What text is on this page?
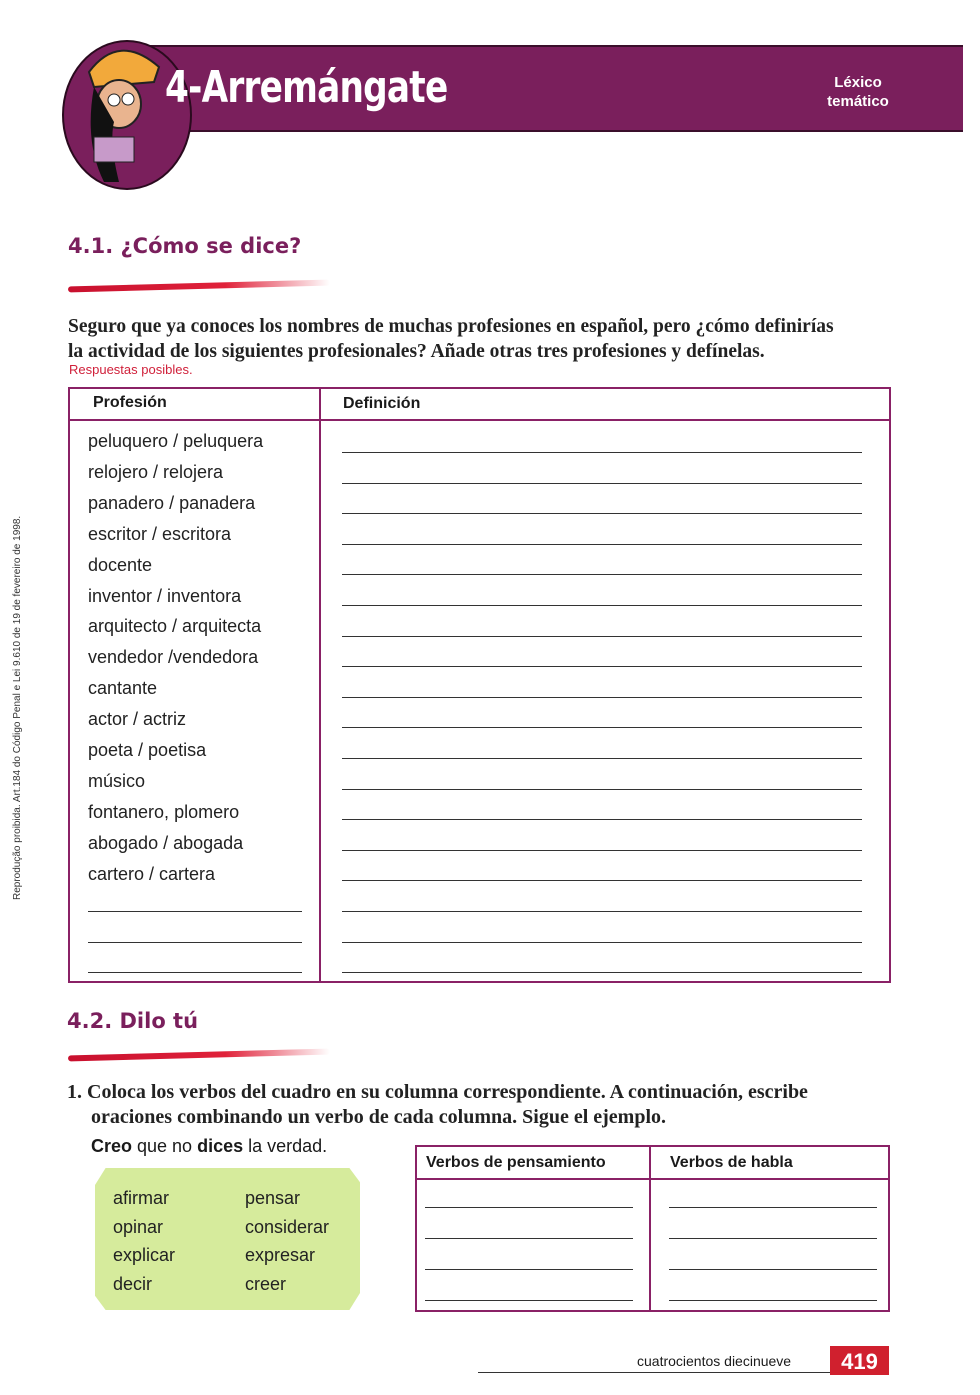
Reprodução proibida. Art.184 do Código Penal e Lei 9.610 de 19 de fevereiro de 1998.
4-Arremángate	Léxico
temático
4.1. ¿Cómo se dice?
Seguro que ya conoces los nombres de muchas profesiones en español, pero ¿cómo definirías
la actividad de los siguientes profesionales? Añade otras tres profesiones y defínelas.
Respuestas posibles.
Profesión	Definición
peluquero / peluquera
relojero / relojera
panadero / panadera
escritor / escritora
docente
inventor / inventora
arquitecto / arquitecta
vendedor /vendedora
cantante
actor / actriz
poeta / poetisa
músico
fontanero, plomero
abogado / abogada
cartero / cartera
4.2. Dilo tú
1. Coloca los verbos del cuadro en su columna correspondiente. A continuación, escribe
oraciones combinando un verbo de cada columna. Sigue el ejemplo.
Creo que no dices la verdad.
afirmar
opinar
explicar
decir
pensar
considerar
expresar
creer
Verbos de pensamiento	Verbos de habla
cuatrocientos diecinueve	419
